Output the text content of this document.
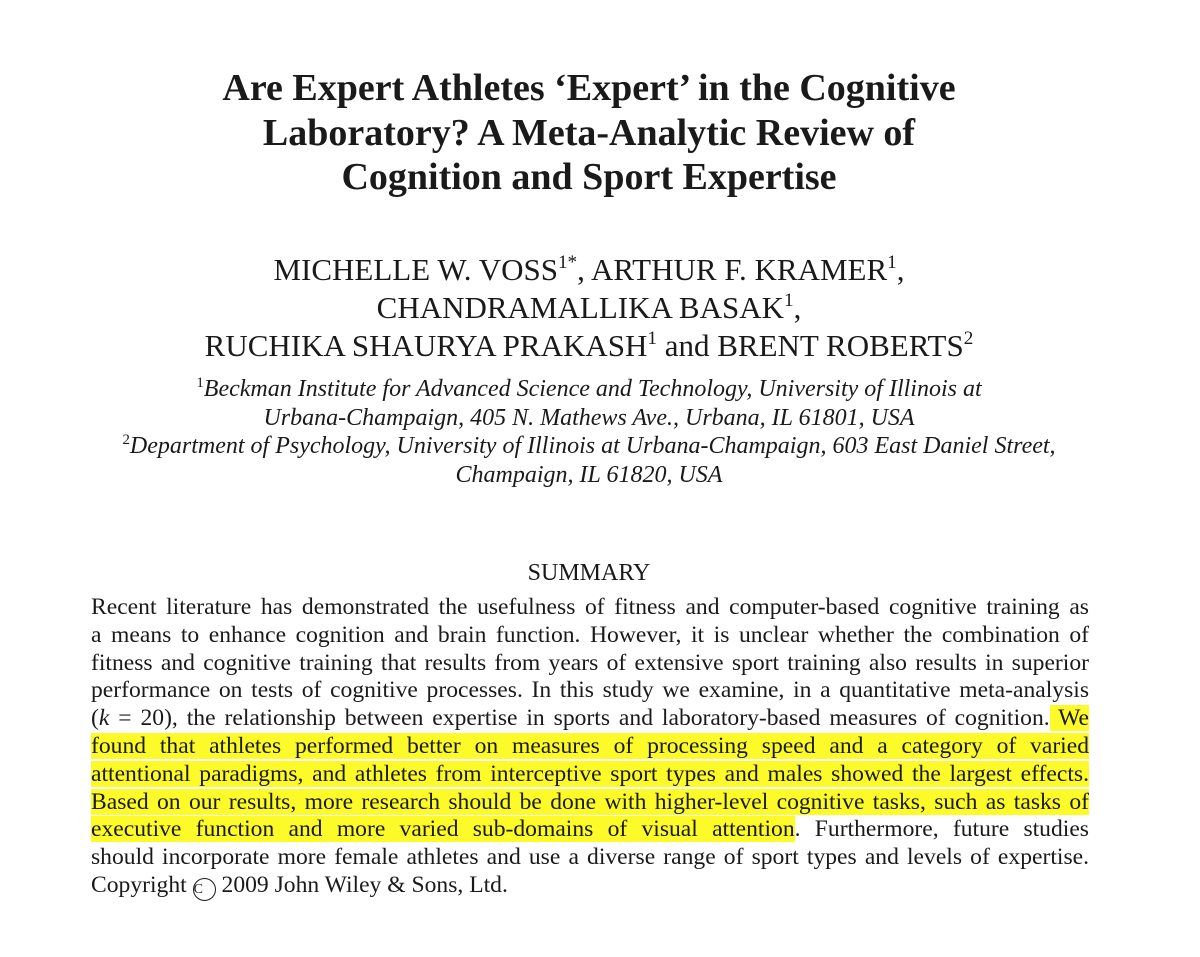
Are Expert Athletes ‘Expert’ in the Cognitive
Laboratory? A Meta-Analytic Review of
Cognition and Sport Expertise
MICHELLE W. $VOSS^{1*}$, ARTHUR F. KRAMER$^1$,
CHANDRAMALLIKA BASAK$^1$,
RUCHIKA SHAURYA PRAKASH$^1$ and BRENT ROBERTS$^2$
$^1$Beckman Institute for Advanced Science and Technology, University of Illinois at
Urbana-Champaign, 405 N. Mathews Ave., Urbana, IL 61801, USA
$^2$Department of Psychology, University of Illinois at Urbana-Champaign, 603 East Daniel Street,
Champaign, IL 61820, USA
SUMMARY
Recent literature has demonstrated the usefulness of fitness and computer-based cognitive training as
a means to enhance cognition and brain function. However, it is unclear whether the combination of
fitness and cognitive training that results from years of extensive sport training also results in superior
performance on tests of cognitive processes. In this study we examine, in a quantitative meta-analysis
(k = 20), the relationship between expertise in sports and laboratory-based measures of cognition. We
found that athletes performed better on measures of processing speed and a category of varied
attentional paradigms, and athletes from interceptive sport types and males showed the largest effects.
Based on our results, more research should be done with higher-level cognitive tasks, such as tasks of
executive function and more varied sub-domains of visual attention. Furthermore, future studies
should incorporate more female athletes and use a diverse range of sport types and levels of expertise.
Copyright C 2009 John Wiley & Sons, Ltd.
